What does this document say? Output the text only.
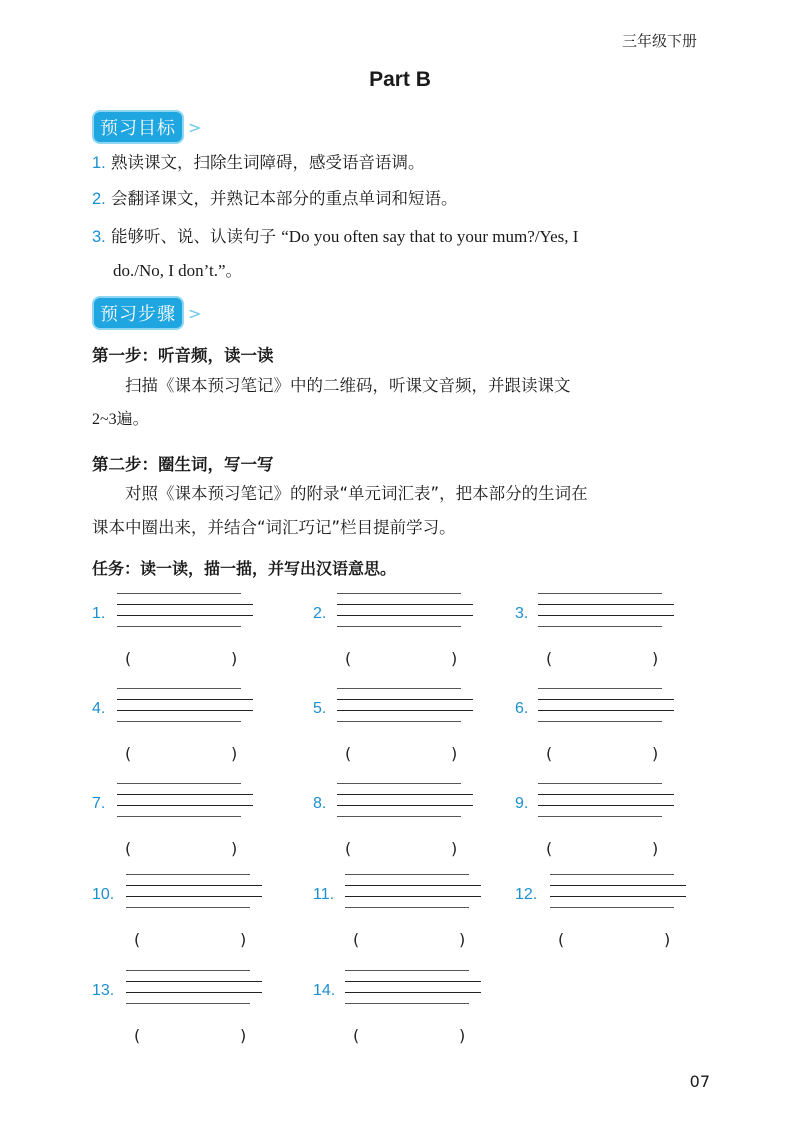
三年级下册
Part B
预习目标 >
1. 熟读课文，扫除生词障碍，感受语音语调。
2. 会翻译课文，并熟记本部分的重点单词和短语。
3. 能够听、说、认读句子 “Do you often say that to your mum?/Yes, I
do./No, I don’t.”。
预习步骤 >
第一步：听音频，读一读
扫描《课本预习笔记》中的二维码，听课文音频，并跟读课文
2~3遍。
第二步：圈生词，写一写
对照《课本预习笔记》的附录“单元词汇表”，把本部分的生词在
课本中圈出来，并结合“词汇巧记”栏目提前学习。
任务：读一读，描一描，并写出汉语意思。
1.
(	)
2.
(	)
3.
(	)
4.
(	)
5.
(	)
6.
(	)
7.
(	)
8.
(	)
9.
(	)
10.
(	)
11.
(	)
12.
(	)
13.
(	)
14.
(	)
07
